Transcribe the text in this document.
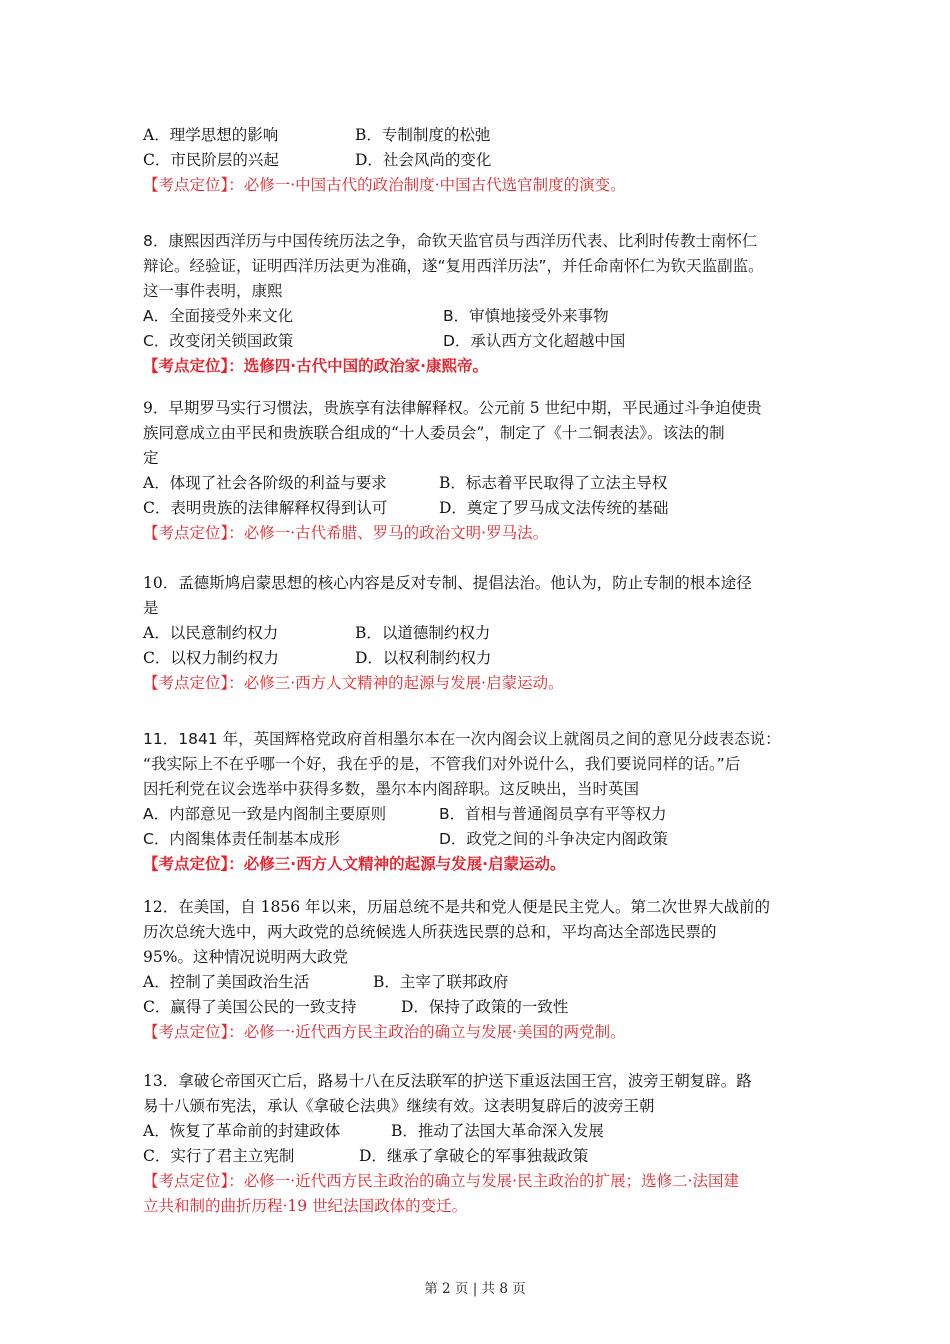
A．理学思想的影响	B．专制制度的松弛
C．市民阶层的兴起	D．社会风尚的变化
【考点定位】：必修一·中国古代的政治制度·中国古代选官制度的演变。
8．康熙因西洋历与中国传统历法之争，命钦天监官员与西洋历代表、比利时传教士南怀仁
辩论。经验证，证明西洋历法更为准确，遂“复用西洋历法”，并任命南怀仁为钦天监副监。
这一事件表明，康熙
A．全面接受外来文化	B．审慎地接受外来事物
C．改变闭关锁国政策	D．承认西方文化超越中国
【考点定位】：选修四·古代中国的政治家·康熙帝。
9．早期罗马实行习惯法，贵族享有法律解释权。公元前 5 世纪中期，平民通过斗争迫使贵
族同意成立由平民和贵族联合组成的“十人委员会”，制定了《十二铜表法》。该法的制
定
A．体现了社会各阶级的利益与要求	B．标志着平民取得了立法主导权
C．表明贵族的法律解释权得到认可	D．奠定了罗马成文法传统的基础
【考点定位】：必修一·古代希腊、罗马的政治文明·罗马法。
10．孟德斯鸠启蒙思想的核心内容是反对专制、提倡法治。他认为，防止专制的根本途径
是
A．以民意制约权力	B．以道德制约权力
C．以权力制约权力	D．以权利制约权力
【考点定位】：必修三·西方人文精神的起源与发展·启蒙运动。
11．1841 年，英国辉格党政府首相墨尔本在一次内阁会议上就阁员之间的意见分歧表态说：
“我实际上不在乎哪一个好，我在乎的是，不管我们对外说什么，我们要说同样的话。”后
因托利党在议会选举中获得多数，墨尔本内阁辞职。这反映出，当时英国
A．内部意见一致是内阁制主要原则	B．首相与普通阁员享有平等权力
C．内阁集体责任制基本成形	D．政党之间的斗争决定内阁政策
【考点定位】：必修三·西方人文精神的起源与发展·启蒙运动。
12．在美国，自 1856 年以来，历届总统不是共和党人便是民主党人。第二次世界大战前的
历次总统大选中，两大政党的总统候选人所获选民票的总和，平均高达全部选民票的
95%。这种情况说明两大政党
A．控制了美国政治生活	B．主宰了联邦政府
C．赢得了美国公民的一致支持	D．保持了政策的一致性
【考点定位】：必修一·近代西方民主政治的确立与发展·美国的两党制。
13．拿破仑帝国灭亡后，路易十八在反法联军的护送下重返法国王宫，波旁王朝复辟。路
易十八颁布宪法，承认《拿破仑法典》继续有效。这表明复辟后的波旁王朝
A．恢复了革命前的封建政体	B．推动了法国大革命深入发展
C．实行了君主立宪制	D．继承了拿破仑的军事独裁政策
【考点定位】：必修一·近代西方民主政治的确立与发展·民主政治的扩展；选修二·法国建
立共和制的曲折历程·19 世纪法国政体的变迁。
第 2 页 | 共 8 页
